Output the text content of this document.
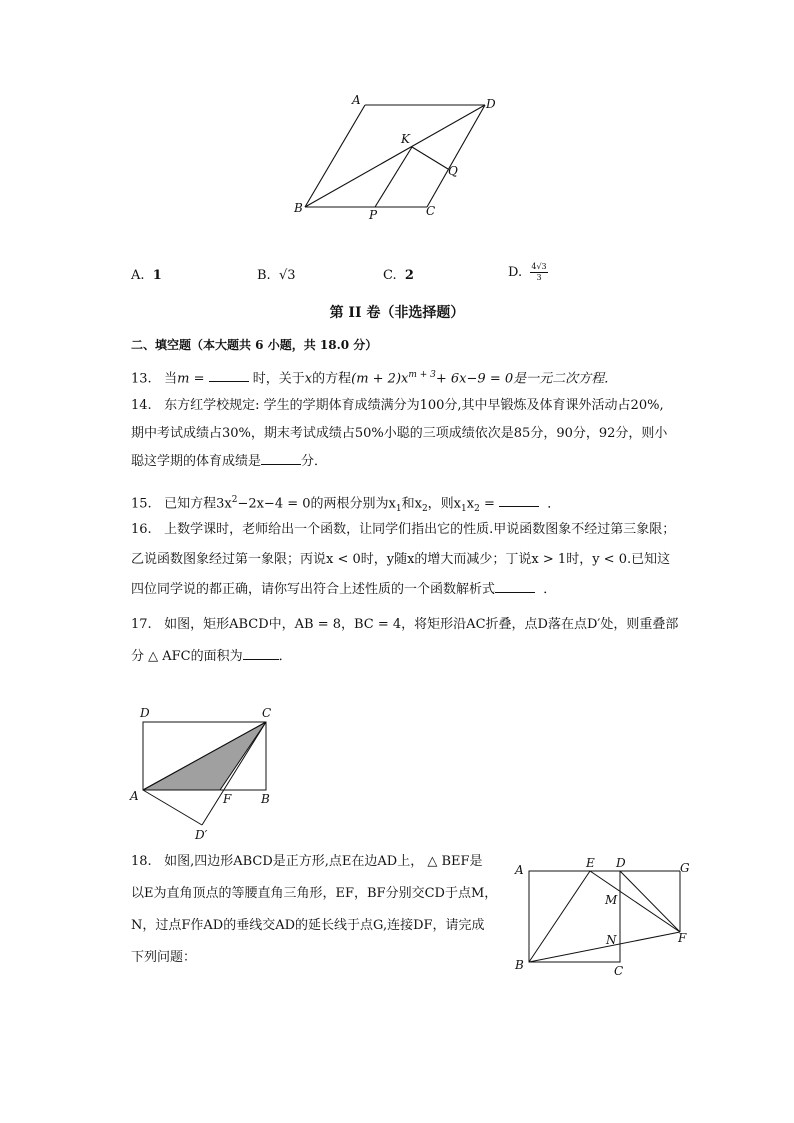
A	D
K
Q
B	P	C
A. 1	B. √3	C. 2	D.
4√3
3
第 II 卷（非选择题）
二、填空题（本大题共 6 小题，共 18.0 分）
13. 当m =	时，关于x的方程$(m + 2)x^{m + 3}+ 6x-9 = 0$是一元二次方程．
14. 东方红学校规定: 学生的学期体育成绩满分为100分,其中早锻炼及体育课外活动占20%,
期中考试成绩占30%，期末考试成绩占50%小聪的三项成绩依次是85分，90分，92分，则小
聪这学期的体育成绩是	分．
15. 已知方程$3x^2-2x-4 = 0$的两根分别为$x_1$和$x_2$，则$x_1x_2$ =	．
16. 上数学课时，老师给出一个函数，让同学们指出它的性质.甲说函数图象不经过第三象限；
乙说函数图象经过第一象限；丙说x < 0时，y随x的增大而减少；丁说x > 1时，y < 0.已知这
四位同学说的都正确，请你写出符合上述性质的一个函数解析式	．
17. 如图，矩形ABCD中，AB = 8，BC = 4，将矩形沿AC折叠，点D落在点D′处，则重叠部
分 △ AFC的面积为	．
D	C
A	F B
D′
18. 如图,四边形ABCD是正方形,点E在边AD上， △ BEF是
以E为直角顶点的等腰直角三角形，EF，BF分别交CD于点M，
N，过点F作AD的垂线交AD的延长线于点G,连接DF，请完成
下列问题：
A	E D	G
M
N	F
B	C
